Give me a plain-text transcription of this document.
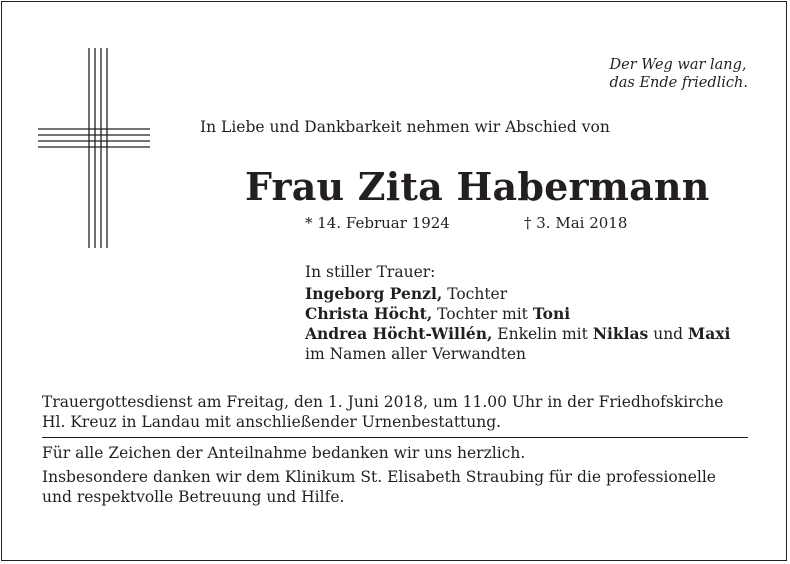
Der Weg war lang,
das Ende friedlich.
In Liebe und Dankbarkeit nehmen wir Abschied von
Frau Zita Habermann
* 14. Februar 1924	† 3. Mai 2018
In stiller Trauer:
Ingeborg Penzl, Tochter
Christa Höcht, Tochter mit Toni
Andrea Höcht-Willén, Enkelin mit Niklas und Maxi
im Namen aller Verwandten
Trauergottesdienst am Freitag, den 1. Juni 2018, um 11.00 Uhr in der Friedhofskirche Hl. Kreuz in Landau mit anschließender Urnenbestattung.

Für alle Zeichen der Anteilnahme bedanken wir uns herzlich.

Insbesondere danken wir dem Klinikum St. Elisabeth Straubing für die professionelle und respektvolle Betreuung und Hilfe.
